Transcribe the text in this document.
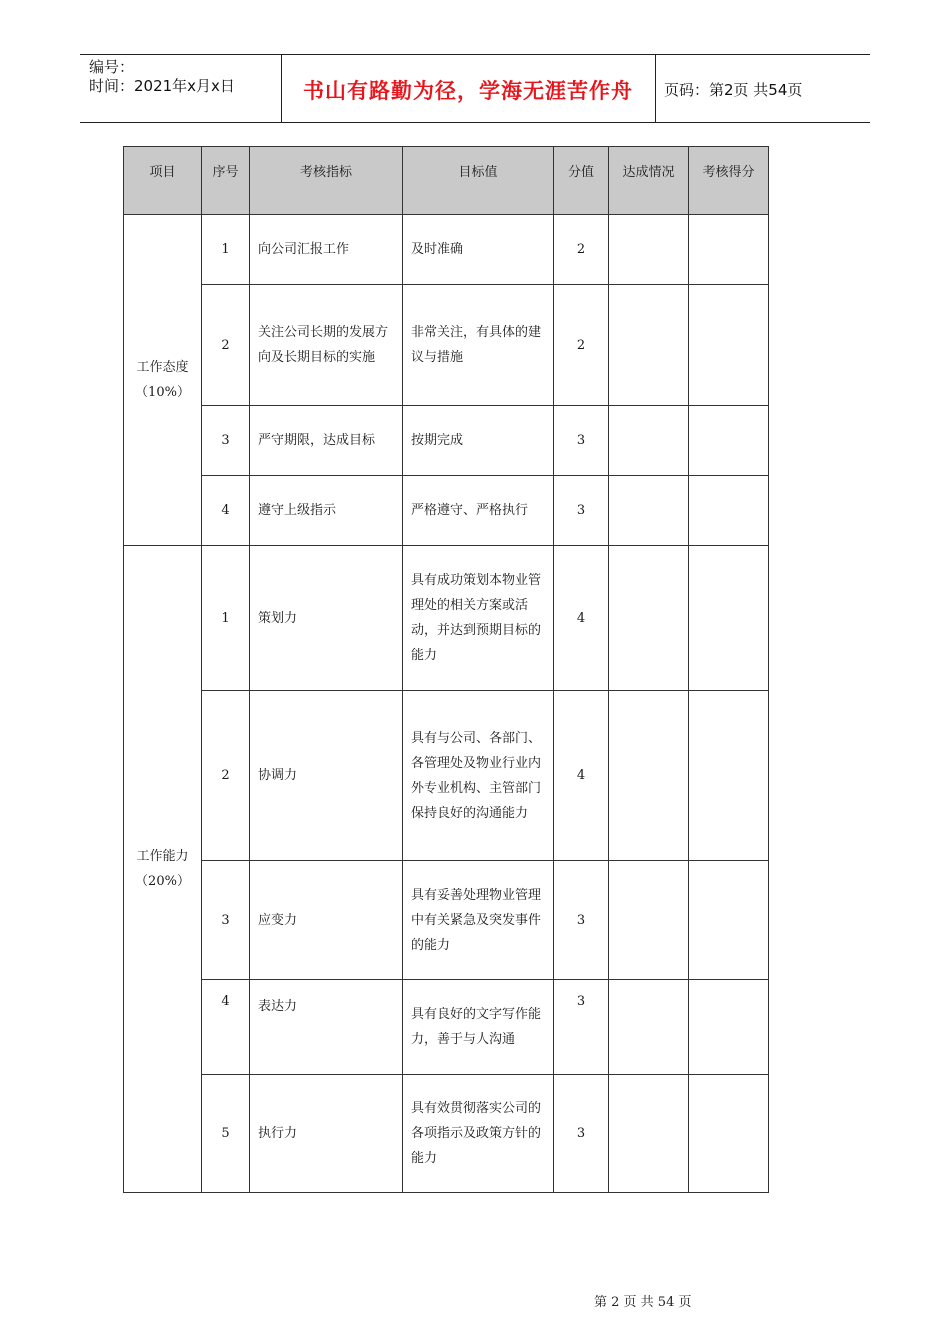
编号：
时间：2021年x月x日	书山有路勤为径，学海无涯苦作舟	页码：第2页 共54页
项目	序号	考核指标	目标值	分值	达成情况	考核得分

工作态度
（10%）	1	向公司汇报工作	及时准确	2		
	2	关注公司长期的发展方向及长期目标的实施	非常关注，有具体的建议与措施	2		
	3	严守期限，达成目标	按期完成	3		
	4	遵守上级指示	严格遵守、严格执行	3		

工作能力
（20%）	1	策划力	具有成功策划本物业管理处的相关方案或活动，并达到预期目标的能力	4		
	2	协调力	具有与公司、各部门、各管理处及物业行业内外专业机构、主管部门保持良好的沟通能力	4		
	3	应变力	具有妥善处理物业管理中有关紧急及突发事件的能力	3		
	4	表达力	具有良好的文字写作能力，善于与人沟通	3		
	5	执行力	具有效贯彻落实公司的各项指示及政策方针的能力	3		
第 2 页 共 54 页
